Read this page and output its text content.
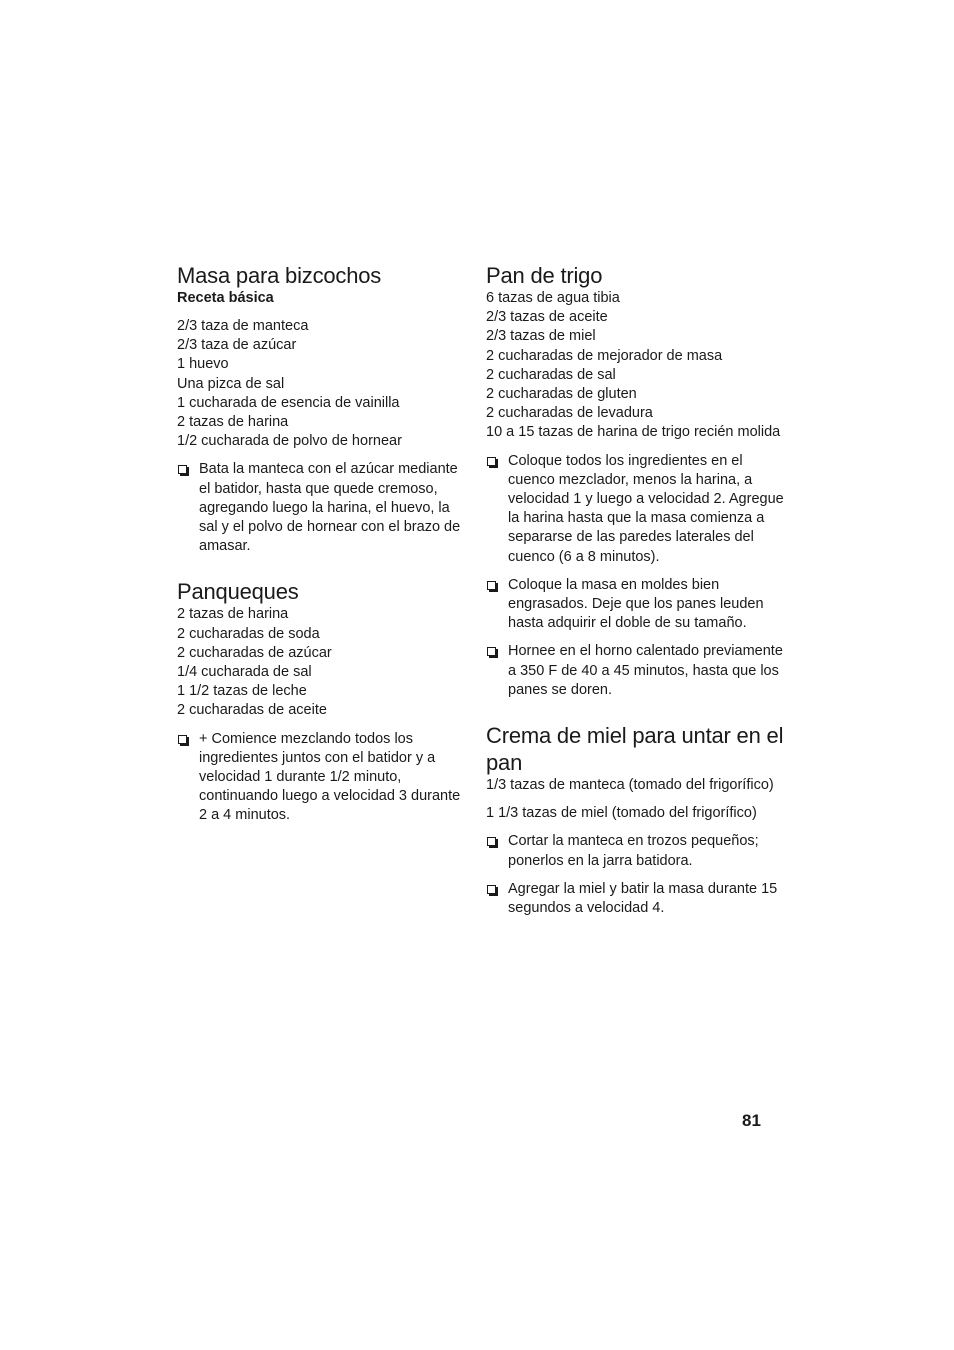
Masa para bizcochos

Receta básica

2/3 taza de manteca
2/3 taza de azúcar
1 huevo
Una pizca de sal
1 cucharada de esencia de vainilla
2 tazas de harina
1/2 cucharada de polvo de hornear
Bata la manteca con el azúcar mediante el batidor, hasta que quede cremoso, agregando luego la harina, el huevo, la sal y el polvo de hornear con el brazo de amasar.
Panqueques
2 tazas de harina
2 cucharadas de soda
2 cucharadas de azúcar
1/4 cucharada de sal
1 1/2 tazas de leche
2 cucharadas de aceite
+ Comience mezclando todos los ingredientes juntos con el batidor y a velocidad 1 durante 1/2 minuto, continuando luego a velocidad 3 durante 2 a 4 minutos.
Pan de trigo
6 tazas de agua tibia
2/3 tazas de aceite
2/3 tazas de miel
2 cucharadas de mejorador de masa
2 cucharadas de sal
2 cucharadas de gluten
2 cucharadas de levadura
10 a 15 tazas de harina de trigo recién molida
Coloque todos los ingredientes en el cuenco mezclador, menos la harina, a velocidad 1 y luego a velocidad 2. Agregue la harina hasta que la masa comienza a separarse de las paredes laterales del cuenco (6 a 8 minutos).
Coloque la masa en moldes bien engrasados. Deje que los panes leuden hasta adquirir el doble de su tamaño.
Hornee en el horno calentado previamente a 350 F de 40 a 45 minutos, hasta que los panes se doren.
Crema de miel para untar en el pan
1/3 tazas de manteca (tomado del frigorífico)
1 1/3 tazas de miel (tomado del frigorífico)
Cortar la manteca en trozos pequeños; ponerlos en la jarra batidora.
Agregar la miel y batir la masa durante 15 segundos a velocidad 4.
81
